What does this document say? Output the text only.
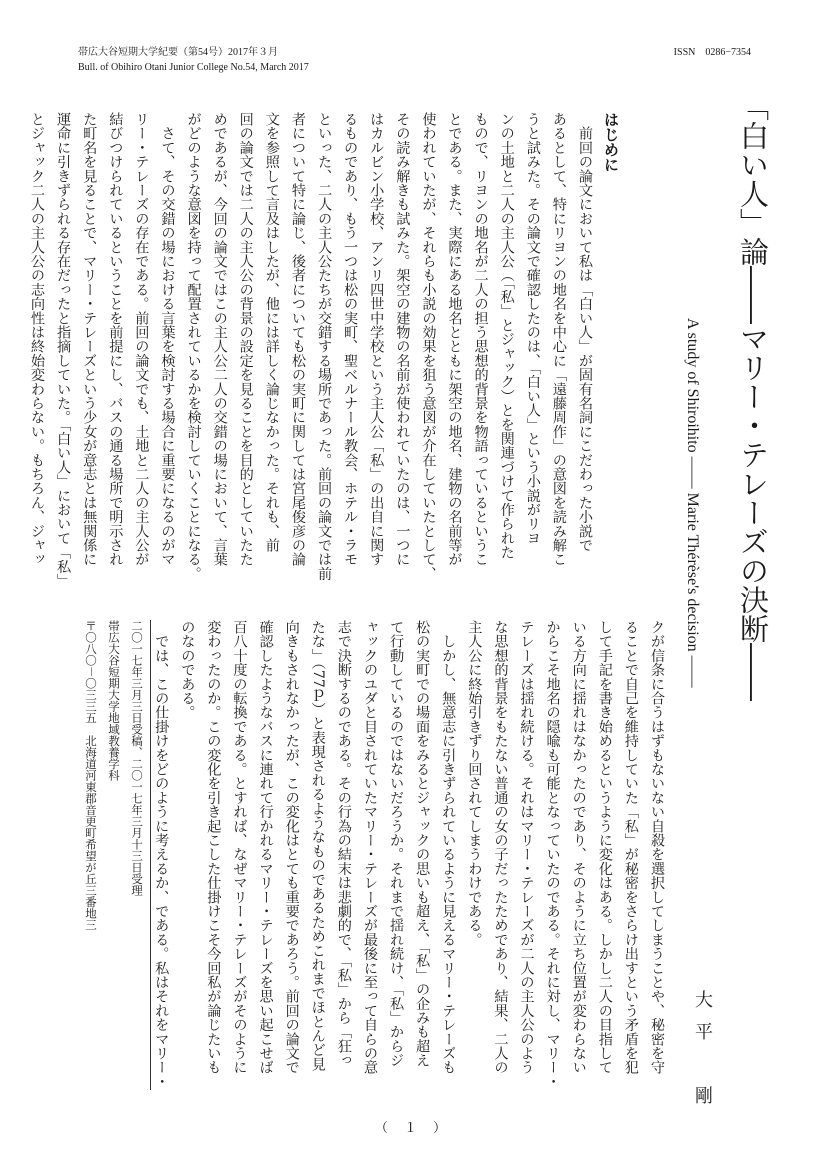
帯広大谷短期大学紀要（第54号）2017年３月
Bull. of Obihiro Otani Junior College No.54, March 2017
ISSN　0286−7354
「白い人」論――マリー・テレーズの決断――
A study of Shiroihito ―― Marie Thérèse's decision ――
大平　剛
はじめに
　前回の論文において私は「白い人」が固有名詞にこだわった小説で
あるとして、特にリヨンの地名を中心に「遠藤周作」の意図を読み解こ
うと試みた。その論文で確認したのは、「白い人」という小説がリヨ
ンの土地と二人の主人公（「私」とジャック）とを関連づけて作られた
もので、リヨンの地名が二人の担う思想的背景を物語っているというこ
とである。また、実際にある地名とともに架空の地名、建物の名前等が
使われていたが、それらも小説の効果を狙う意図が介在していたとして、
その読み解きも試みた。架空の建物の名前が使われていたのは、一つに
はカルビン小学校、アンリ四世中学校という主人公「私」の出自に関す
るものであり、もう一つは松の実町、聖ベルナール教会、ホテル・ラモ
といった、二人の主人公たちが交錯する場所であった。前回の論文では前
者について特に論じ、後者についても松の実町に関しては宮尾俊彦の論
文を参照して言及はしたが、他には詳しく論じなかった。それも、前
回の論文では二人の主人公の背景の設定を見ることを目的としていたた
めであるが、今回の論文ではこの主人公二人の交錯の場において、言葉
がどのような意図を持って配置されているかを検討していくことになる。
　さて、その交錯の場における言葉を検討する場合に重要になるのがマ
リー・テレーズの存在である。前回の論文でも、土地と二人の主人公が
結びつけられているということを前提にし、バスの通る場所で明示され
た町名を見ることで、マリー・テレーズという少女が意志とは無関係に
運命に引きずられる存在だったと指摘していた。「白い人」において「私」
とジャック二人の主人公の志向性は終始変わらない。もちろん、ジャッ
クが信条に合うはずもないない自殺を選択してしまうことや、秘密を守
ることで自己を維持していた「私」が秘密をさらけ出すという矛盾を犯
して手記を書き始めるというように変化はある。しかし二人の目指して
いる方向に揺れはなかったのであり、そのように立ち位置が変わらない
からこそ地名の隠喩も可能となっていたのである。それに対し、マリー・
テレーズは揺れ続ける。それはマリー・テレーズが二人の主人公のよう
な思想的背景をもたない普通の女の子だったためであり、結果、二人の
主人公に終始引きずり回されてしまうわけである。
　しかし、無意志に引きずられているように見えるマリー・テレーズも
松の実町での場面をみるとジャックの思いも超え、「私」の企みも超え
て行動しているのではないだろうか。それまで揺れ続け、「私」からジ
ャックのユダと目されていたマリー・テレーズが最後に至って自らの意
志で決断するのである。その行為の結末は悲劇的で、「私」から「狂っ
たな」（77ｐ）と表現されるようなものであるためこれまでほとんど見
向きもされなかったが、この変化はとても重要であろう。前回の論文で
確認したようなバスに連れて行かれるマリー・テレーズを思い起こせば
百八十度の転換である。とすれば、なぜマリー・テレーズがそのように
変わったのか。この変化を引き起こした仕掛けこそ今回私が論じたいも
のなのである。
　では、この仕掛けをどのように考えるか、である。私はそれをマリー・
二〇一七年三月三日受稿、二〇一七年三月十三日受理
帯広大谷短期大学地域教養学科
〒〇八〇－〇三三五　北海道河東郡音更町希望が丘三番地三
（ １ ）
